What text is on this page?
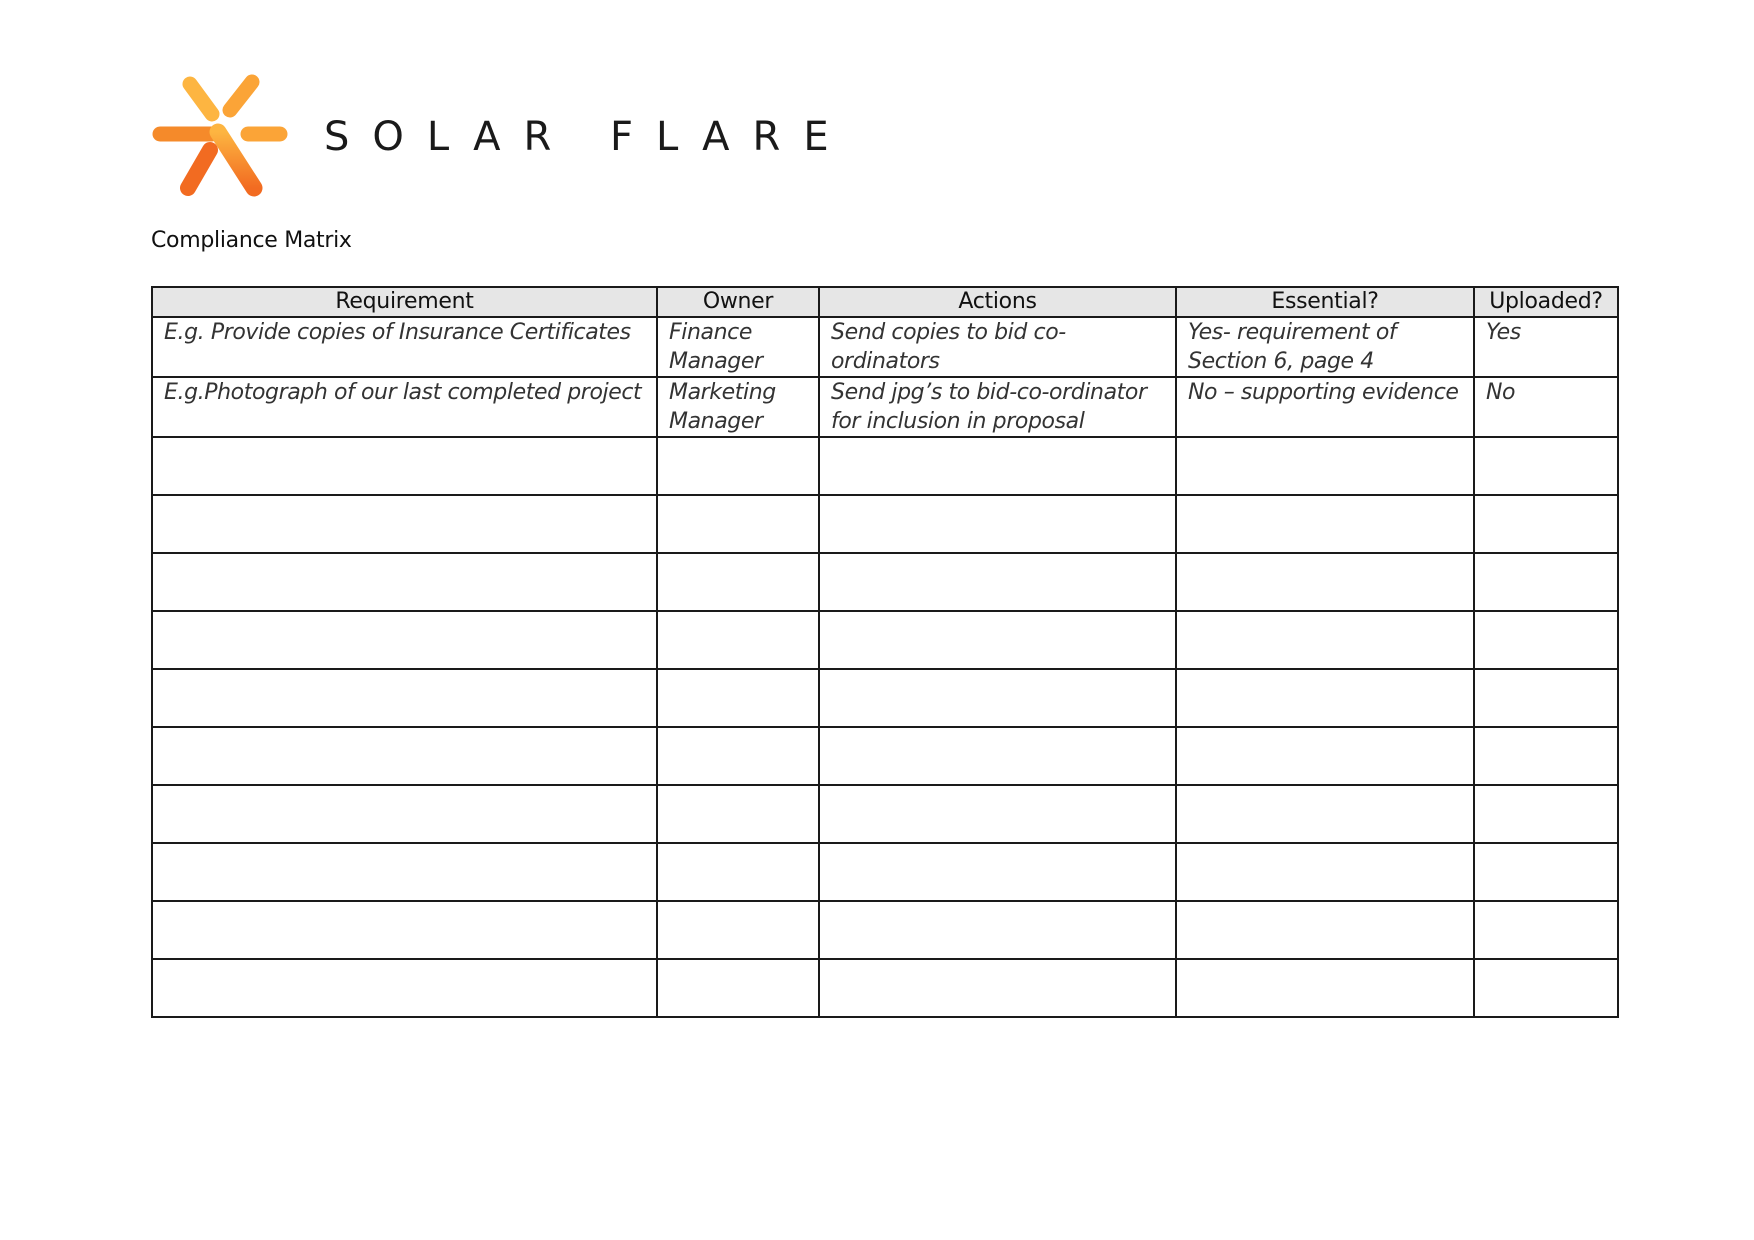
SOLAR FLARE
Compliance Matrix
Requirement	Owner	Actions	Essential?	Uploaded?
E.g. Provide copies of Insurance Certificates	Finance Manager	Send copies to bid co-ordinators	Yes- requirement of Section 6, page 4	Yes
E.g.Photograph of our last completed project	Marketing Manager	Send jpg’s to bid-co-ordinator for inclusion in proposal	No – supporting evidence	No
